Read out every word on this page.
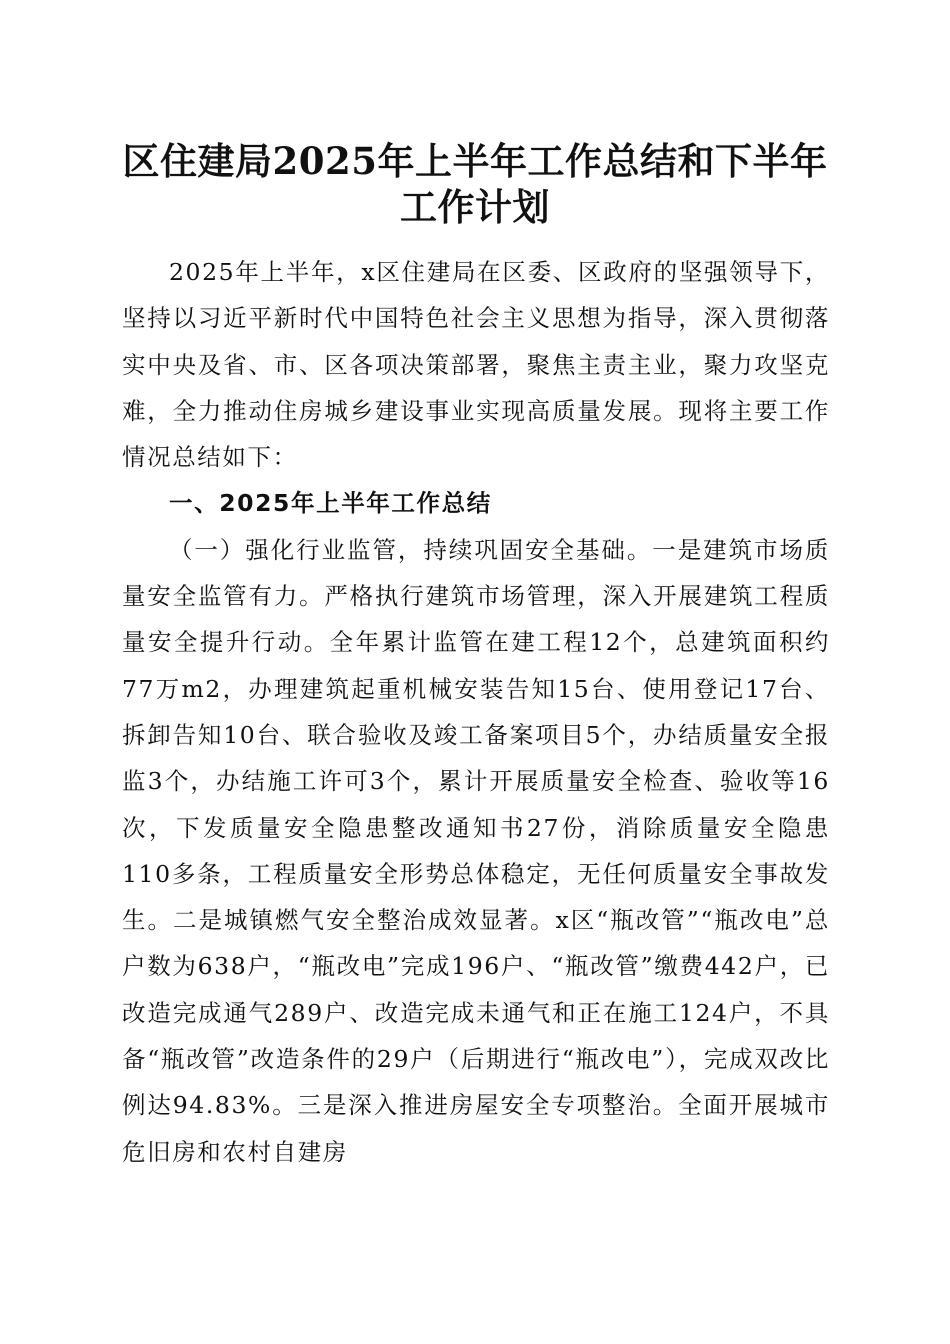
区住建局2025年上半年工作总结和下半年工作计划

2025年上半年，x区住建局在区委、区政府的坚强领导下，坚持以习近平新时代中国特色社会主义思想为指导，深入贯彻落实中央及省、市、区各项决策部署，聚焦主责主业，聚力攻坚克难，全力推动住房城乡建设事业实现高质量发展。现将主要工作情况总结如下：

一、2025年上半年工作总结

（一）强化行业监管，持续巩固安全基础。一是建筑市场质量安全监管有力。严格执行建筑市场管理，深入开展建筑工程质量安全提升行动。全年累计监管在建工程12个，总建筑面积约77万m2，办理建筑起重机械安装告知15台、使用登记17台、拆卸告知10台、联合验收及竣工备案项目5个，办结质量安全报监3个，办结施工许可3个，累计开展质量安全检查、验收等16次，下发质量安全隐患整改通知书27份，消除质量安全隐患110多条，工程质量安全形势总体稳定，无任何质量安全事故发生。二是城镇燃气安全整治成效显著。x区“瓶改管”“瓶改电”总户数为638户，“瓶改电”完成196户、“瓶改管”缴费442户，已改造完成通气289户、改造完成未通气和正在施工124户，不具备“瓶改管”改造条件的29户（后期进行“瓶改电”），完成双改比例达94.83%。三是深入推进房屋安全专项整治。全面开展城市危旧房和农村自建房
